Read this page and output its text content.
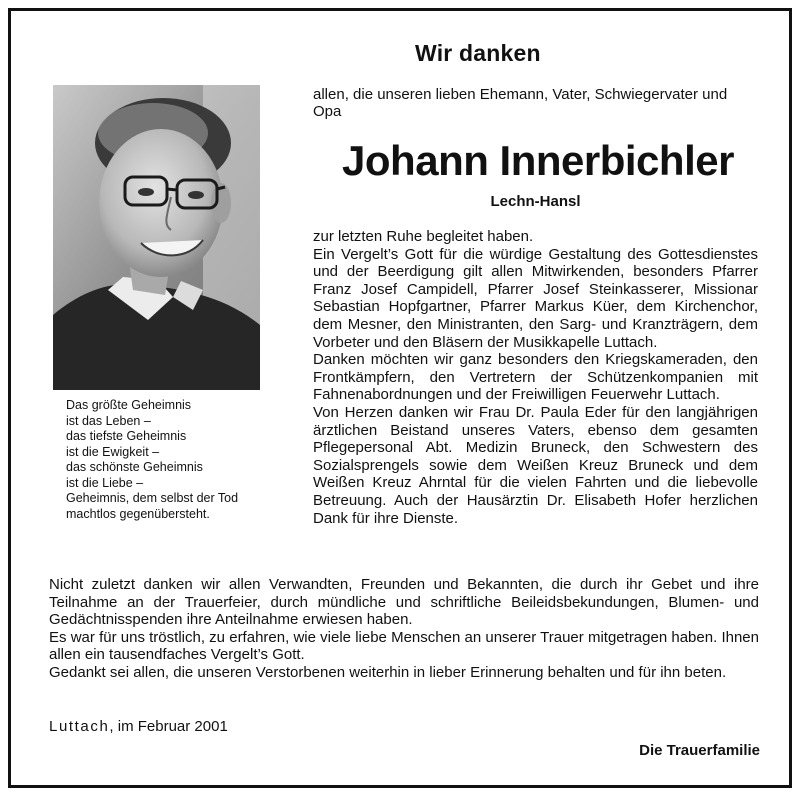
Wir danken
allen, die unseren lieben Ehemann, Vater, Schwiegervater und Opa
Johann Innerbichler
Lechn-Hansl

zur letzten Ruhe begleitet haben.

Ein Vergelt’s Gott für die würdige Gestaltung des Gottesdienstes und der Beerdigung gilt allen Mitwirkenden, besonders Pfarrer Franz Josef Campidell, Pfarrer Josef Steinkasserer, Missionar Sebastian Hopfgartner, Pfarrer Markus Küer, dem Kirchenchor, dem Mesner, den Ministranten, den Sarg- und Kranzträgern, dem Vorbeter und den Bläsern der Musikkapelle Luttach.

Danken möchten wir ganz besonders den Kriegskameraden, den Frontkämpfern, den Vertretern der Schützenkompanien mit Fahnenabordnungen und der Freiwilligen Feuerwehr Luttach.

Von Herzen danken wir Frau Dr. Paula Eder für den langjährigen ärztlichen Beistand unseres Vaters, ebenso dem gesamten Pflegepersonal Abt. Medizin Bruneck, den Schwestern des Sozialsprengels sowie dem Weißen Kreuz Bruneck und dem Weißen Kreuz Ahrntal für die vielen Fahrten und die liebevolle Betreuung. Auch der Hausärztin Dr. Elisabeth Hofer herzlichen Dank für ihre Dienste.

Das größte Geheimnis
ist das Leben –
das tiefste Geheimnis
ist die Ewigkeit –
das schönste Geheimnis
ist die Liebe –
Geheimnis, dem selbst der Tod
machtlos gegenübersteht.

Nicht zuletzt danken wir allen Verwandten, Freunden und Bekannten, die durch ihr Gebet und ihre Teilnahme an der Trauerfeier, durch mündliche und schriftliche Beileidsbekundungen, Blumen- und Gedächtnisspenden ihre Anteilnahme erwiesen haben.

Es war für uns tröstlich, zu erfahren, wie viele liebe Menschen an unserer Trauer mitgetragen haben. Ihnen allen ein tausendfaches Vergelt’s Gott.

Gedankt sei allen, die unseren Verstorbenen weiterhin in lieber Erinnerung behalten und für ihn beten.

Luttach, im Februar 2001
Die Trauerfamilie
